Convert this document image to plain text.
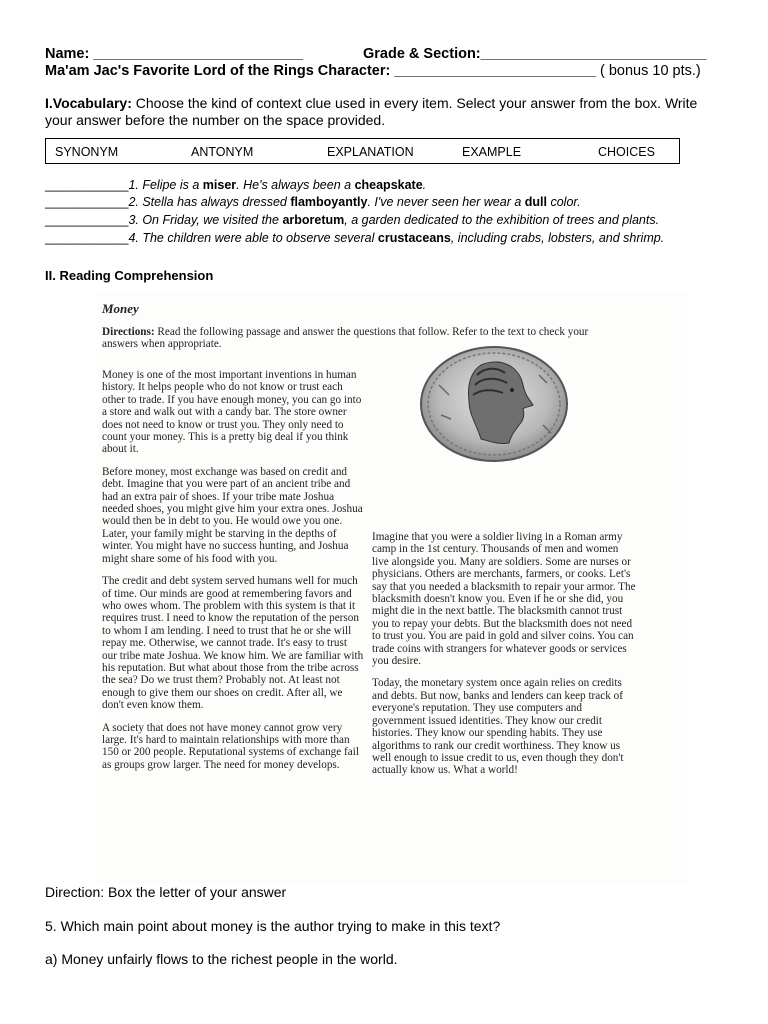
Name: __________________________	Grade & Section:____________________________
Ma'am Jac's Favorite Lord of the Rings Character: _________________________ ( bonus 10 pts.)
I.Vocabulary: Choose the kind of context clue used in every item. Select your answer from the box. Write your answer before the number on the space provided.
SYNONYM	ANTONYM	EXPLANATION	EXAMPLE	CHOICES
____________1. Felipe is a miser. He's always been a cheapskate.
____________2. Stella has always dressed flamboyantly. I've never seen her wear a dull color.
____________3. On Friday, we visited the arboretum, a garden dedicated to the exhibition of trees and plants.
____________4. The children were able to observe several crustaceans, including crabs, lobsters, and shrimp.
II. Reading Comprehension
Money
Directions: Read the following passage and answer the questions that follow. Refer to the text to check your answers when appropriate.

Money is one of the most important inventions in human history. It helps people who do not know or trust each other to trade. If you have enough money, you can go into a store and walk out with a candy bar. The store owner does not need to know or trust you. They only need to count your money. This is a pretty big deal if you think about it.

Before money, most exchange was based on credit and debt. Imagine that you were part of an ancient tribe and had an extra pair of shoes. If your tribe mate Joshua needed shoes, you might give him your extra ones. Joshua would then be in debt to you. He would owe you one. Later, your family might be starving in the depths of winter. You might have no success hunting, and Joshua might share some of his food with you.

The credit and debt system served humans well for much of time. Our minds are good at remembering favors and who owes whom. The problem with this system is that it requires trust. I need to know the reputation of the person to whom I am lending. I need to trust that he or she will repay me. Otherwise, we cannot trade. It's easy to trust our tribe mate Joshua. We know him. We are familiar with his reputation. But what about those from the tribe across the sea? Do we trust them? Probably not. At least not enough to give them our shoes on credit. After all, we don't even know them.

A society that does not have money cannot grow very large. It's hard to maintain relationships with more than 150 or 200 people. Reputational systems of exchange fail as groups grow larger. The need for money develops.

Imagine that you were a soldier living in a Roman army camp in the 1st century. Thousands of men and women live alongside you. Many are soldiers. Some are nurses or physicians. Others are merchants, farmers, or cooks. Let's say that you needed a blacksmith to repair your armor. The blacksmith doesn't know you. Even if he or she did, you might die in the next battle. The blacksmith cannot trust you to repay your debts. But the blacksmith does not need to trust you. You are paid in gold and silver coins. You can trade coins with strangers for whatever goods or services you desire.

Today, the monetary system once again relies on credits and debts. But now, banks and lenders can keep track of everyone's reputation. They use computers and government issued identities. They know our credit histories. They know our spending habits. They use algorithms to rank our credit worthiness. They know us well enough to issue credit to us, even though they don't actually know us. What a world!

Direction: Box the letter of your answer
5. Which main point about money is the author trying to make in this text?
a) Money unfairly flows to the richest people in the world.
